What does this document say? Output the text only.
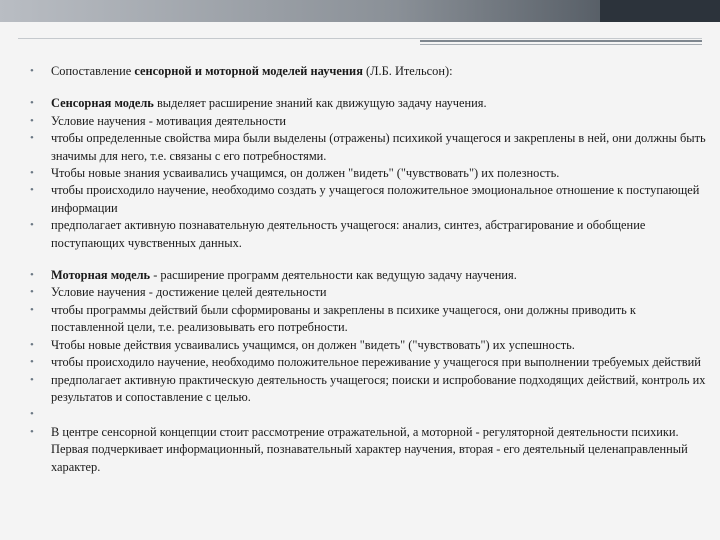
• Сопоставление сенсорной и моторной моделей научения (Л.Б. Ительсон):
• Сенсорная модель выделяет расширение знаний как движущую задачу научения.
• Условие научения - мотивация деятельности
• чтобы определенные свойства мира были выделены (отражены) психикой учащегося и закреплены в ней, они должны быть значимы для него, т.е. связаны с его потребностями.
• Чтобы новые знания усваивались учащимся, он должен "видеть" ("чувствовать") их полезность.
• чтобы происходило научение, необходимо создать у учащегося положительное эмоциональное отношение к поступающей информации
• предполагает активную познавательную деятельность учащегося: анализ, синтез, абстрагирование и обобщение поступающих чувственных данных.
• Моторная модель - расширение программ деятельности как ведущую задачу научения.
• Условие научения - достижение целей деятельности
• чтобы программы действий были сформированы и закреплены в психике учащегося, они должны приводить к поставленной цели, т.е. реализовывать его потребности.
• Чтобы новые действия усваивались учащимся, он должен "видеть" ("чувствовать") их успешность.
• чтобы происходило научение, необходимо положительное переживание у учащегося при выполнении требуемых действий
• предполагает активную практическую деятельность учащегося; поиски и испробование подходящих действий, контроль их результатов и сопоставление с целью.
•

• В центре сенсорной концепции стоит рассмотрение отражательной, а моторной - регуляторной деятельности психики. Первая подчеркивает информационный, познавательный характер научения, вторая - его деятельный целенаправленный характер.
